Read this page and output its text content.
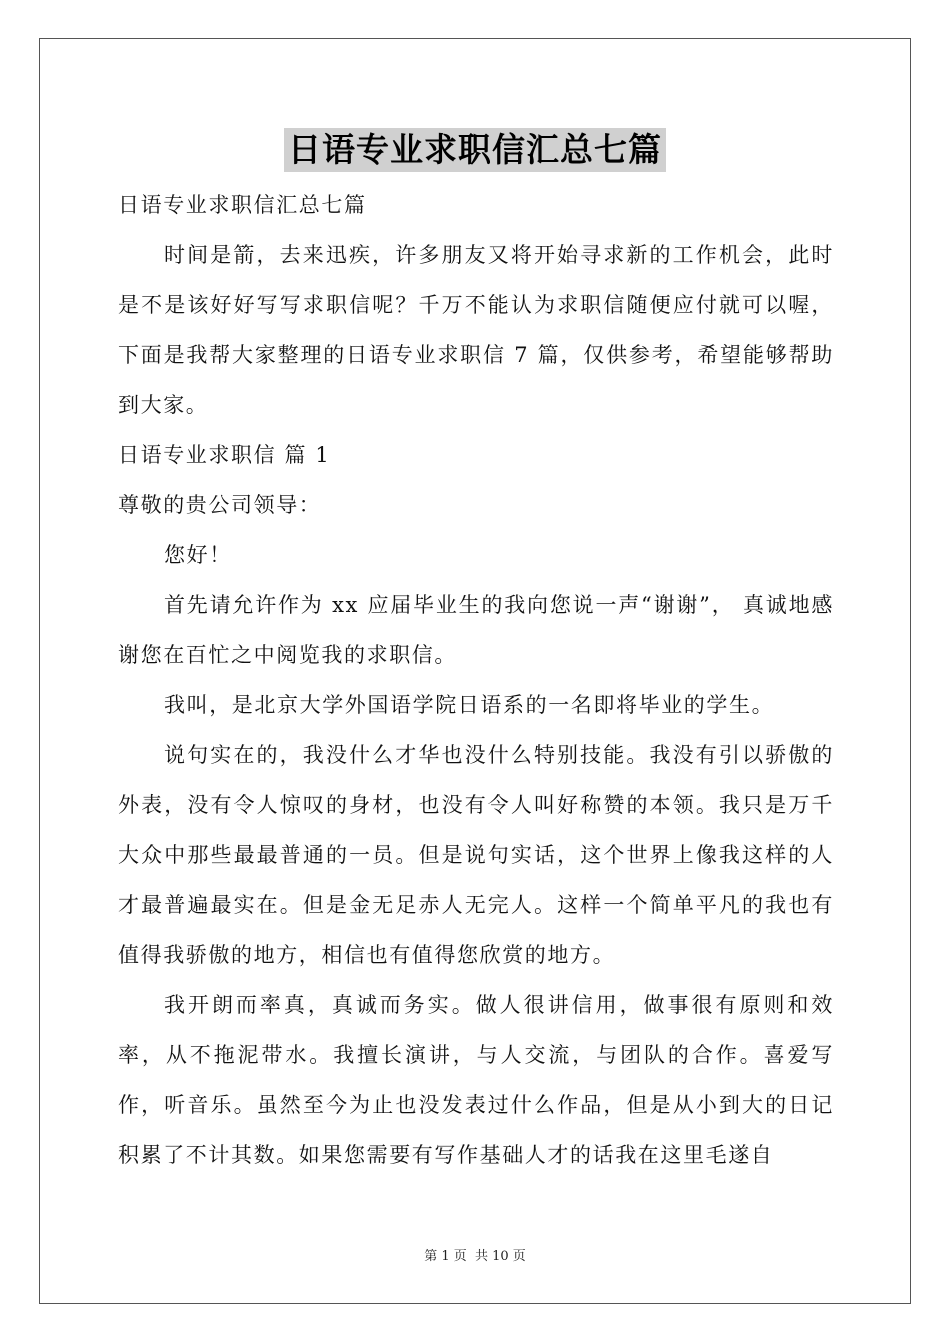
日语专业求职信汇总七篇

日语专业求职信汇总七篇

时间是箭，去来迅疾，许多朋友又将开始寻求新的工作机会，此时是不是该好好写写求职信呢？千万不能认为求职信随便应付就可以喔，下面是我帮大家整理的日语专业求职信 7 篇，仅供参考，希望能够帮助到大家。

日语专业求职信 篇 1

尊敬的贵公司领导：

您好！

首先请允许作为 xx 应届毕业生的我向您说一声“谢谢”， 真诚地感谢您在百忙之中阅览我的求职信。

我叫，是北京大学外国语学院日语系的一名即将毕业的学生。

说句实在的，我没什么才华也没什么特别技能。我没有引以骄傲的外表，没有令人惊叹的身材，也没有令人叫好称赞的本领。我只是万千大众中那些最最普通的一员。但是说句实话，这个世界上像我这样的人才最普遍最实在。但是金无足赤人无完人。这样一个简单平凡的我也有值得我骄傲的地方，相信也有值得您欣赏的地方。

我开朗而率真，真诚而务实。做人很讲信用，做事很有原则和效率，从不拖泥带水。我擅长演讲，与人交流，与团队的合作。喜爱写作，听音乐。虽然至今为止也没发表过什么作品，但是从小到大的日记积累了不计其数。如果您需要有写作基础人才的话我在这里毛遂自

第 1 页 共 10 页
